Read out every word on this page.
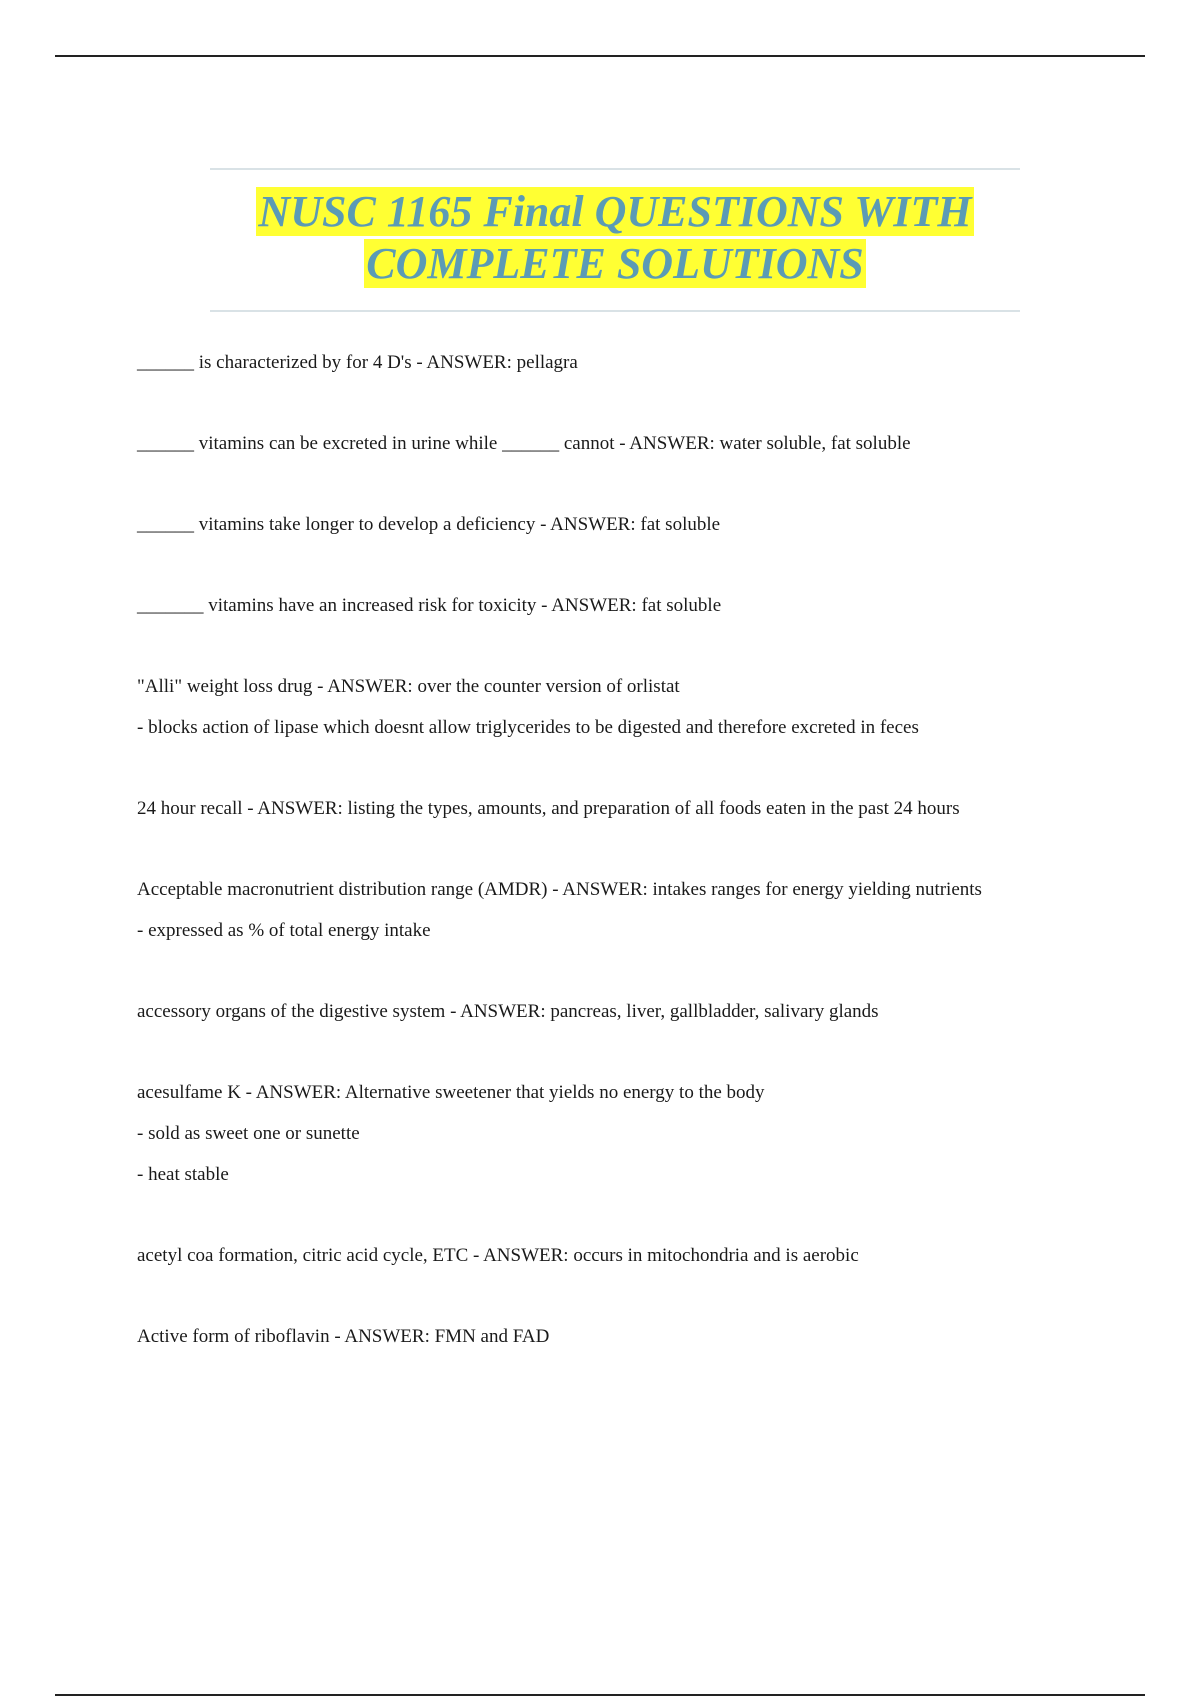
NUSC 1165 Final QUESTIONS WITH
COMPLETE SOLUTIONS

______ is characterized by for 4 D's - ANSWER: pellagra

______ vitamins can be excreted in urine while ______ cannot - ANSWER: water soluble, fat soluble

______ vitamins take longer to develop a deficiency - ANSWER: fat soluble

_______ vitamins have an increased risk for toxicity - ANSWER: fat soluble

"Alli" weight loss drug - ANSWER: over the counter version of orlistat

- blocks action of lipase which doesnt allow triglycerides to be digested and therefore excreted in feces

24 hour recall - ANSWER: listing the types, amounts, and preparation of all foods eaten in the past 24 hours

Acceptable macronutrient distribution range (AMDR) - ANSWER: intakes ranges for energy yielding nutrients

- expressed as % of total energy intake

accessory organs of the digestive system - ANSWER: pancreas, liver, gallbladder, salivary glands

acesulfame K - ANSWER: Alternative sweetener that yields no energy to the body

- sold as sweet one or sunette

- heat stable

acetyl coa formation, citric acid cycle, ETC - ANSWER: occurs in mitochondria and is aerobic

Active form of riboflavin - ANSWER: FMN and FAD
